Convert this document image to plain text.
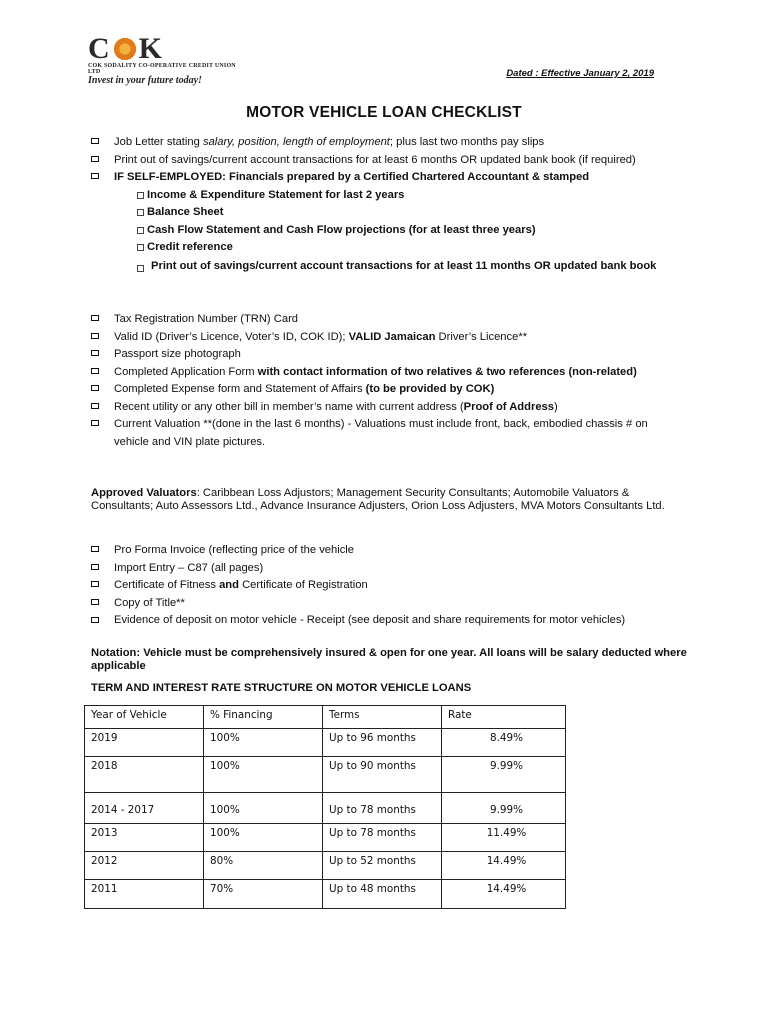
C K
COK SODALITY CO-OPERATIVE CREDIT UNION LTD
Invest in your future today!
Dated : Effective January 2, 2019
MOTOR VEHICLE LOAN CHECKLIST
Job Letter stating salary, position, length of employment; plus last two months pay slips
Print out of savings/current account transactions for at least 6 months OR updated bank book (if required)
IF SELF-EMPLOYED: Financials prepared by a Certified Chartered Accountant & stamped
Income & Expenditure Statement for last 2 years
Balance Sheet
Cash Flow Statement and Cash Flow projections (for at least three years)
Credit reference
Print out of savings/current account transactions for at least 11 months OR updated bank book
Tax Registration Number (TRN) Card
Valid ID (Driver’s Licence, Voter’s ID, COK ID); VALID Jamaican Driver’s Licence**
Passport size photograph
Completed Application Form with contact information of two relatives & two references (non-related)
Completed Expense form and Statement of Affairs (to be provided by COK)
Recent utility or any other bill in member’s name with current address (Proof of Address)
Current Valuation **(done in the last 6 months) - Valuations must include front, back, embodied chassis # on vehicle and VIN plate pictures.
Approved Valuators: Caribbean Loss Adjustors; Management Security Consultants; Automobile Valuators & Consultants; Auto Assessors Ltd., Advance Insurance Adjusters, Orion Loss Adjusters, MVA Motors Consultants Ltd.
Pro Forma Invoice (reflecting price of the vehicle
Import Entry – C87 (all pages)
Certificate of Fitness and Certificate of Registration
Copy of Title**
Evidence of deposit on motor vehicle - Receipt (see deposit and share requirements for motor vehicles)
Notation: Vehicle must be comprehensively insured & open for one year. All loans will be salary deducted where applicable
TERM AND INTEREST RATE STRUCTURE ON MOTOR VEHICLE LOANS
Year of Vehicle	% Financing	Terms	Rate

2019	100%	Up to 96 months	8.49%

2018	100%	Up to 90 months	9.99%

2014 - 2017	100%	Up to 78 months	9.99%

2013	100%	Up to 78 months	11.49%

2012	80%	Up to 52 months	14.49%

2011	70%	Up to 48 months	14.49%
